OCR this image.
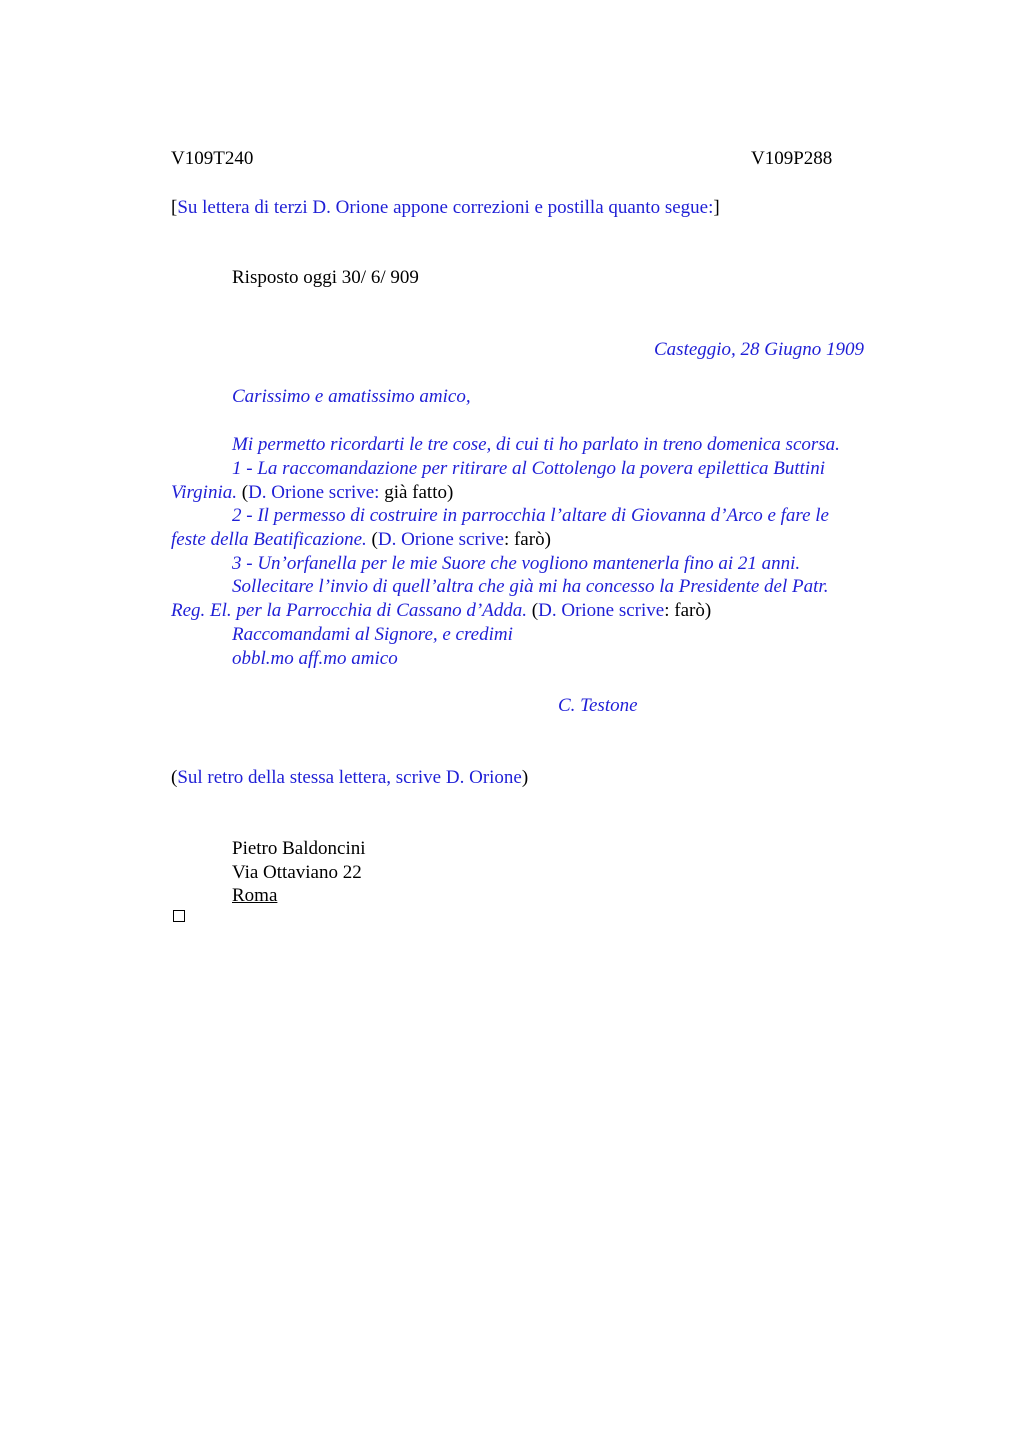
V109T240	V109P288
[Su lettera di terzi D. Orione appone correzioni e postilla quanto segue:]
Risposto oggi 30/ 6/ 909
Casteggio, 28 Giugno 1909
Carissimo e amatissimo amico,
Mi permetto ricordarti le tre cose, di cui ti ho parlato in treno domenica scorsa.
1 - La raccomandazione per ritirare al Cottolengo la povera epilettica Buttini
Virginia. (D. Orione scrive: già fatto)
2 - Il permesso di costruire in parrocchia l’altare di Giovanna d’Arco e fare le
feste della Beatificazione. (D. Orione scrive: farò)
3 - Un’orfanella per le mie Suore che vogliono mantenerla fino ai 21 anni.
Sollecitare l’invio di quell’altra che già mi ha concesso la Presidente del Patr.
Reg. El. per la Parrocchia di Cassano d’Adda. (D. Orione scrive: farò)
Raccomandami al Signore, e credimi
obbl.mo aff.mo amico
C. Testone
(Sul retro della stessa lettera, scrive D. Orione)
Pietro Baldoncini
Via Ottaviano 22
Roma
